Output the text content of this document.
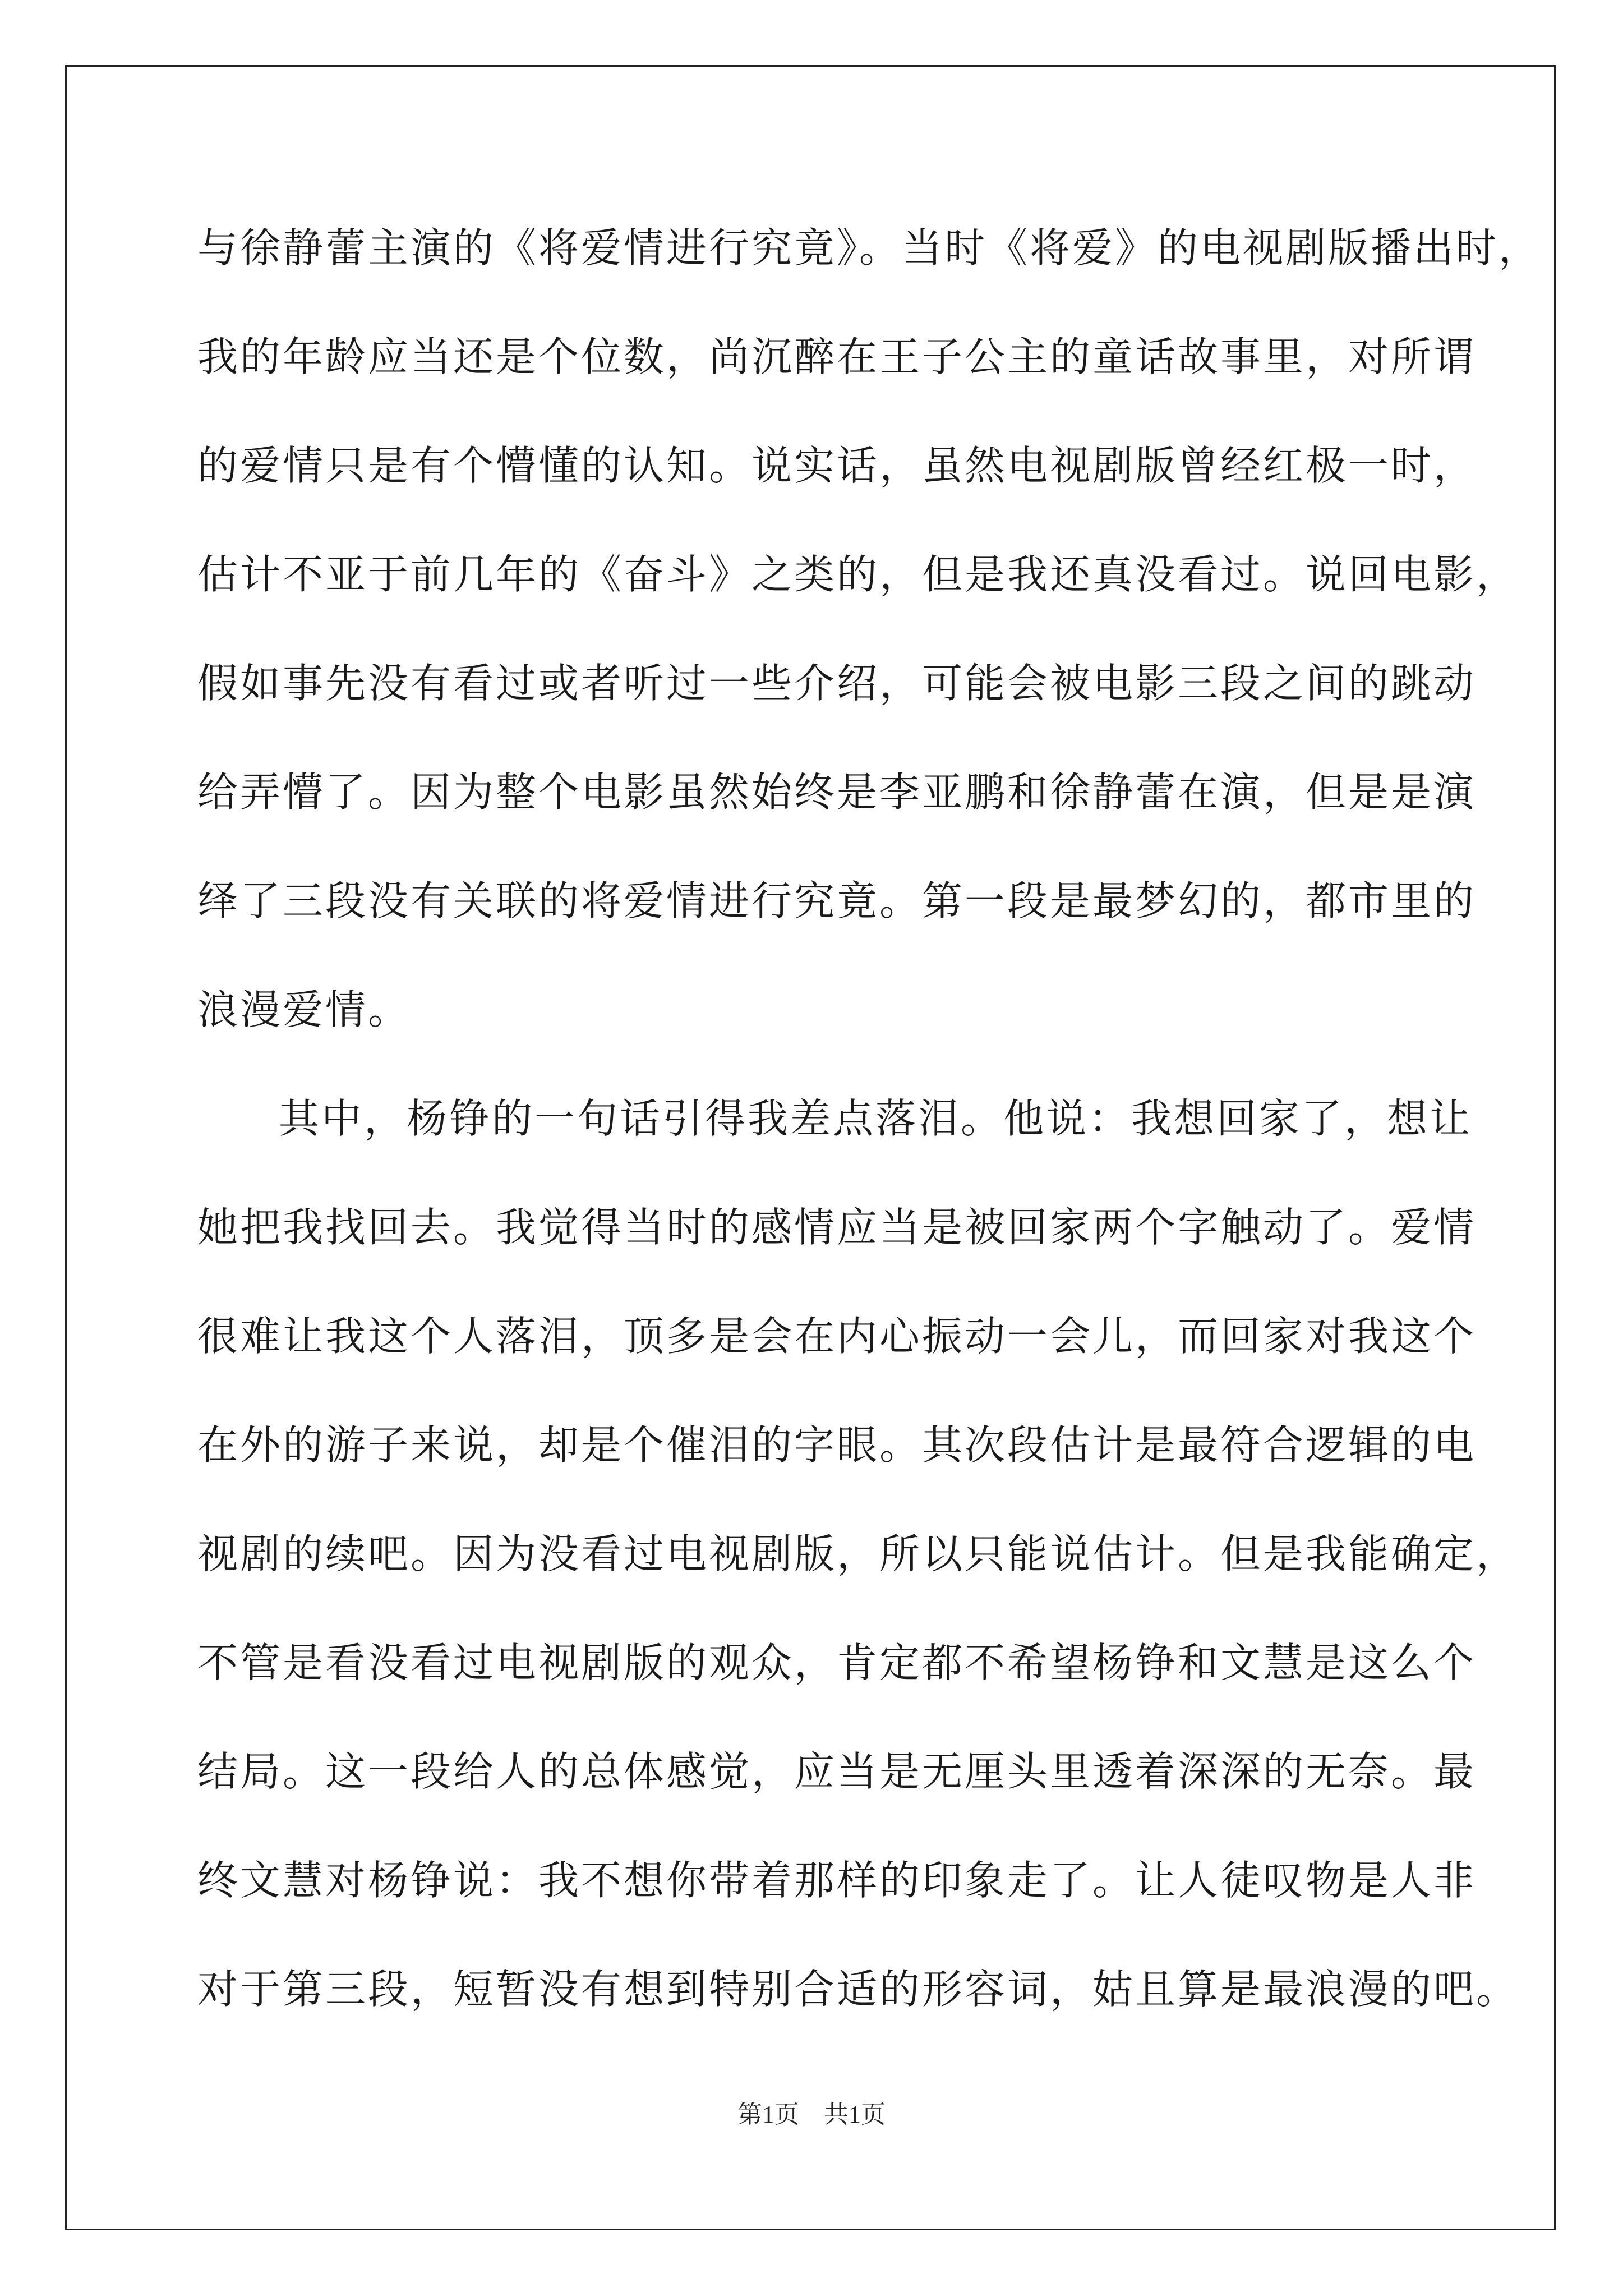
与徐静蕾主演的《将爱情进行究竟》。当时《将爱》的电视剧版播出时，
我的年龄应当还是个位数，尚沉醉在王子公主的童话故事里，对所谓
的爱情只是有个懵懂的认知。说实话，虽然电视剧版曾经红极一时，
估计不亚于前几年的《奋斗》之类的，但是我还真没看过。说回电影，
假如事先没有看过或者听过一些介绍，可能会被电影三段之间的跳动
给弄懵了。因为整个电影虽然始终是李亚鹏和徐静蕾在演，但是是演
绎了三段没有关联的将爱情进行究竟。第一段是最梦幻的，都市里的
浪漫爱情。
其中，杨铮的一句话引得我差点落泪。他说：我想回家了，想让
她把我找回去。我觉得当时的感情应当是被回家两个字触动了。爱情
很难让我这个人落泪，顶多是会在内心振动一会儿，而回家对我这个
在外的游子来说，却是个催泪的字眼。其次段估计是最符合逻辑的电
视剧的续吧。因为没看过电视剧版，所以只能说估计。但是我能确定，
不管是看没看过电视剧版的观众，肯定都不希望杨铮和文慧是这么个
结局。这一段给人的总体感觉，应当是无厘头里透着深深的无奈。最
终文慧对杨铮说：我不想你带着那样的印象走了。让人徒叹物是人非
对于第三段，短暂没有想到特别合适的形容词，姑且算是最浪漫的吧。
第1页　共1页
